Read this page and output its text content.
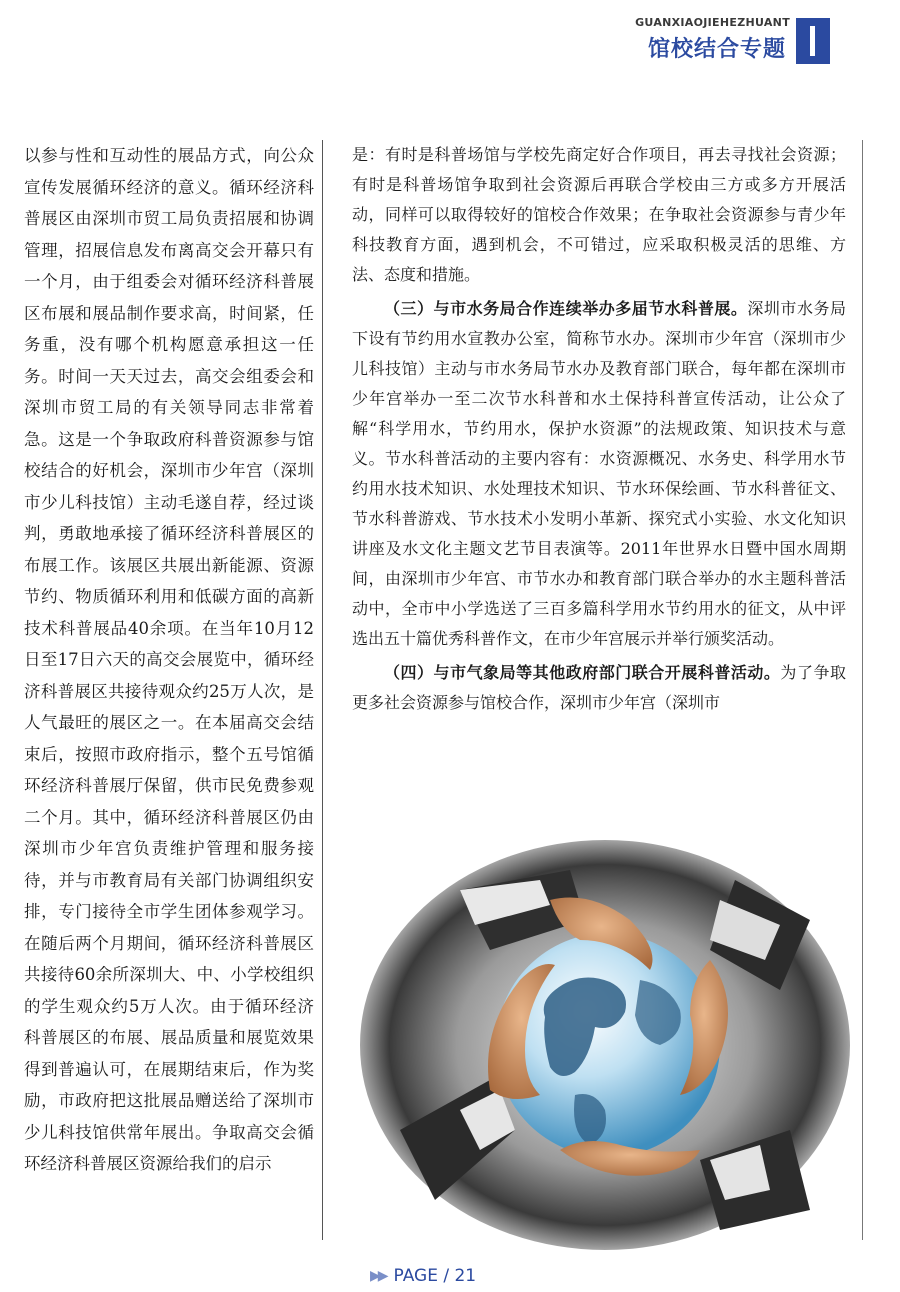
GUANXIAOJIEHEZHUANT
馆校结合专题

以参与性和互动性的展品方式，向公众宣传发展循环经济的意义。循环经济科普展区由深圳市贸工局负责招展和协调管理，招展信息发布离高交会开幕只有一个月，由于组委会对循环经济科普展区布展和展品制作要求高，时间紧，任务重，没有哪个机构愿意承担这一任务。时间一天天过去，高交会组委会和深圳市贸工局的有关领导同志非常着急。这是一个争取政府科普资源参与馆校结合的好机会，深圳市少年宫（深圳市少儿科技馆）主动毛遂自荐，经过谈判，勇敢地承接了循环经济科普展区的布展工作。该展区共展出新能源、资源节约、物质循环利用和低碳方面的高新技术科普展品40余项。在当年10月12日至17日六天的高交会展览中，循环经济科普展区共接待观众约25万人次，是人气最旺的展区之一。在本届高交会结束后，按照市政府指示，整个五号馆循环经济科普展厅保留，供市民免费参观二个月。其中，循环经济科普展区仍由深圳市少年宫负责维护管理和服务接待，并与市教育局有关部门协调组织安排，专门接待全市学生团体参观学习。在随后两个月期间，循环经济科普展区共接待60余所深圳大、中、小学校组织的学生观众约5万人次。由于循环经济科普展区的布展、展品质量和展览效果得到普遍认可，在展期结束后，作为奖励，市政府把这批展品赠送给了深圳市少儿科技馆供常年展出。争取高交会循环经济科普展区资源给我们的启示

是：有时是科普场馆与学校先商定好合作项目，再去寻找社会资源；有时是科普场馆争取到社会资源后再联合学校由三方或多方开展活动，同样可以取得较好的馆校合作效果；在争取社会资源参与青少年科技教育方面，遇到机会，不可错过，应采取积极灵活的思维、方法、态度和措施。

（三）与市水务局合作连续举办多届节水科普展。深圳市水务局下设有节约用水宣教办公室，简称节水办。深圳市少年宫（深圳市少儿科技馆）主动与市水务局节水办及教育部门联合，每年都在深圳市少年宫举办一至二次节水科普和水土保持科普宣传活动，让公众了解“科学用水，节约用水，保护水资源”的法规政策、知识技术与意义。节水科普活动的主要内容有：水资源概况、水务史、科学用水节约用水技术知识、水处理技术知识、节水环保绘画、节水科普征文、节水科普游戏、节水技术小发明小革新、探究式小实验、水文化知识讲座及水文化主题文艺节目表演等。2011年世界水日暨中国水周期间，由深圳市少年宫、市节水办和教育部门联合举办的水主题科普活动中，全市中小学选送了三百多篇科学用水节约用水的征文，从中评选出五十篇优秀科普作文，在市少年宫展示并举行颁奖活动。

（四）与市气象局等其他政府部门联合开展科普活动。为了争取更多社会资源参与馆校合作，深圳市少年宫（深圳市

▶▶ PAGE / 21
